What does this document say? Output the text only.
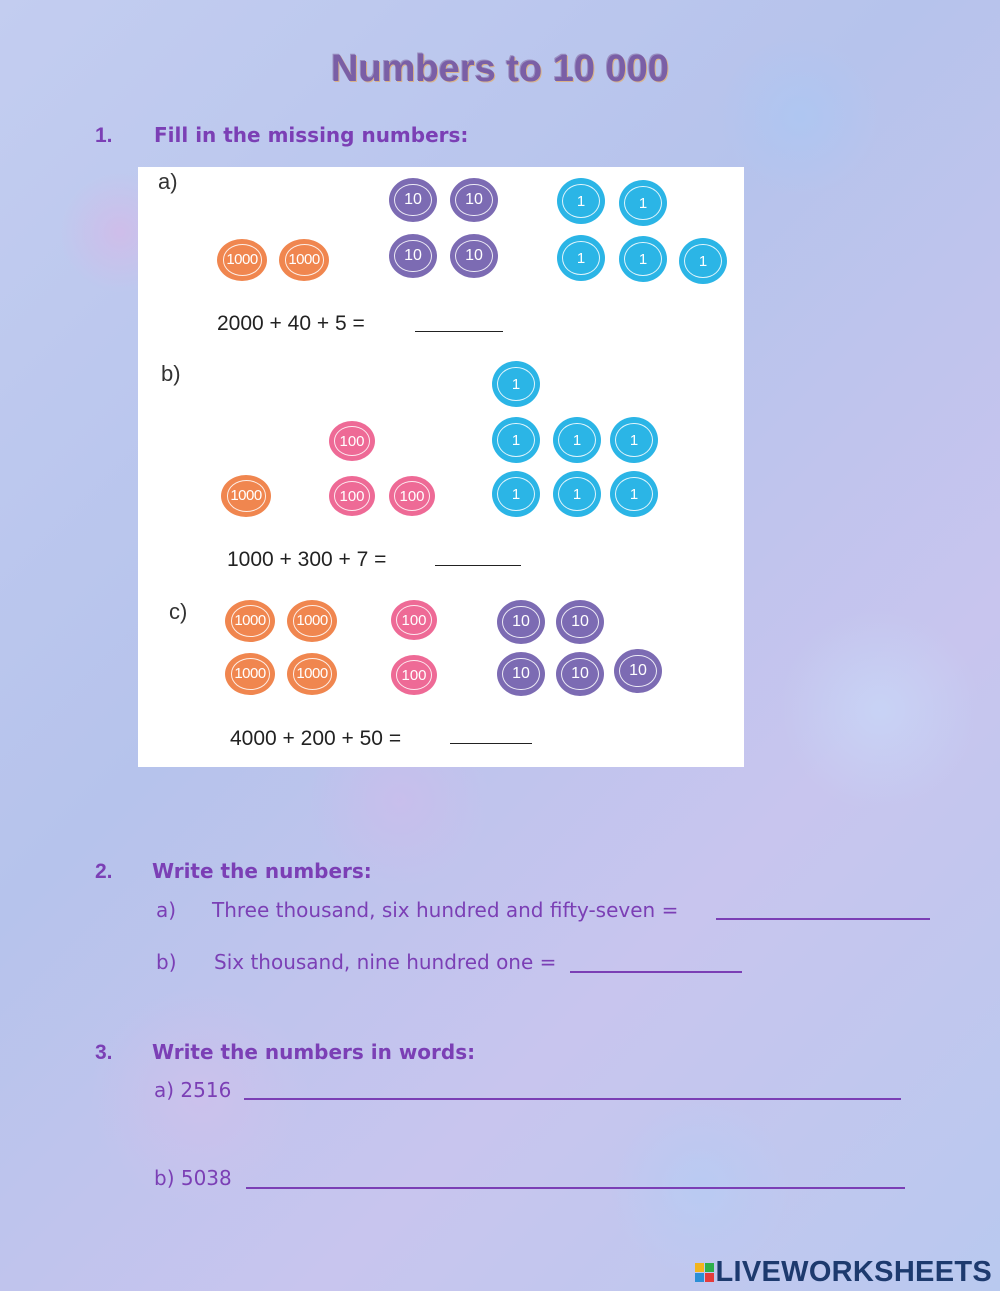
Numbers to 10 000
1. Fill in the missing numbers:
a)
10	10
10	10
1	1
1	1	1
1000 1000
2000 + 40 + 5 =
b)	1
1	1	1
1	1	1
100
100	100
1000
1000 + 300 + 7 =
c)	1000 1000
1000 1000
100
100
10	10
10	10	10
4000 + 200 + 50 =
2. Write the numbers:
a) Three thousand, six hundred and fifty-seven =
b) Six thousand, nine hundred one =
3. Write the numbers in words:
a) 2516
b) 5038
LIVEWORKSHEETS
